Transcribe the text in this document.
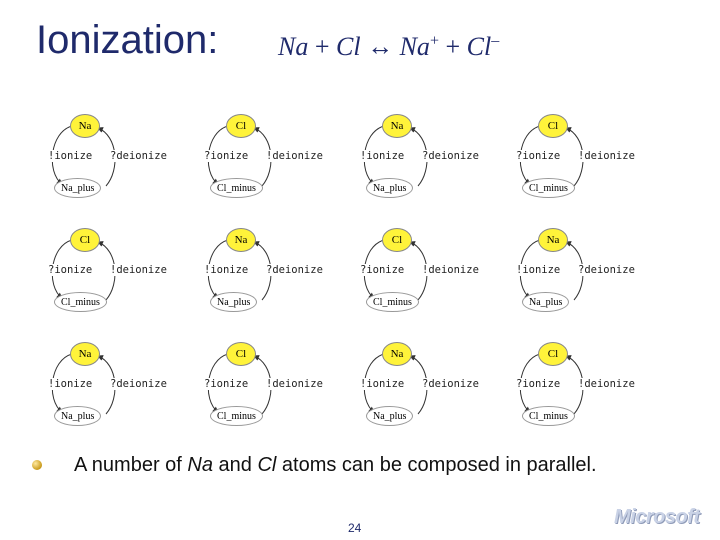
Ionization: Na + Cl ↔ Na+ + Cl–
Na
!ionize ?deionize
Na_plus
Cl
?ionize !deionize
Cl_minus
Na
!ionize ?deionize
Na_plus
Cl
?ionize !deionize
Cl_minus
Cl
?ionize !deionize
Cl_minus
Na
!ionize ?deionize
Na_plus
Cl
?ionize !deionize
Cl_minus
Na
!ionize ?deionize
Na_plus
Na
!ionize ?deionize
Na_plus
Cl
?ionize !deionize
Cl_minus
Na
!ionize ?deionize
Na_plus
Cl
?ionize !deionize
Cl_minus
A number of Na and Cl atoms can be composed in parallel.
24	Microsoft
